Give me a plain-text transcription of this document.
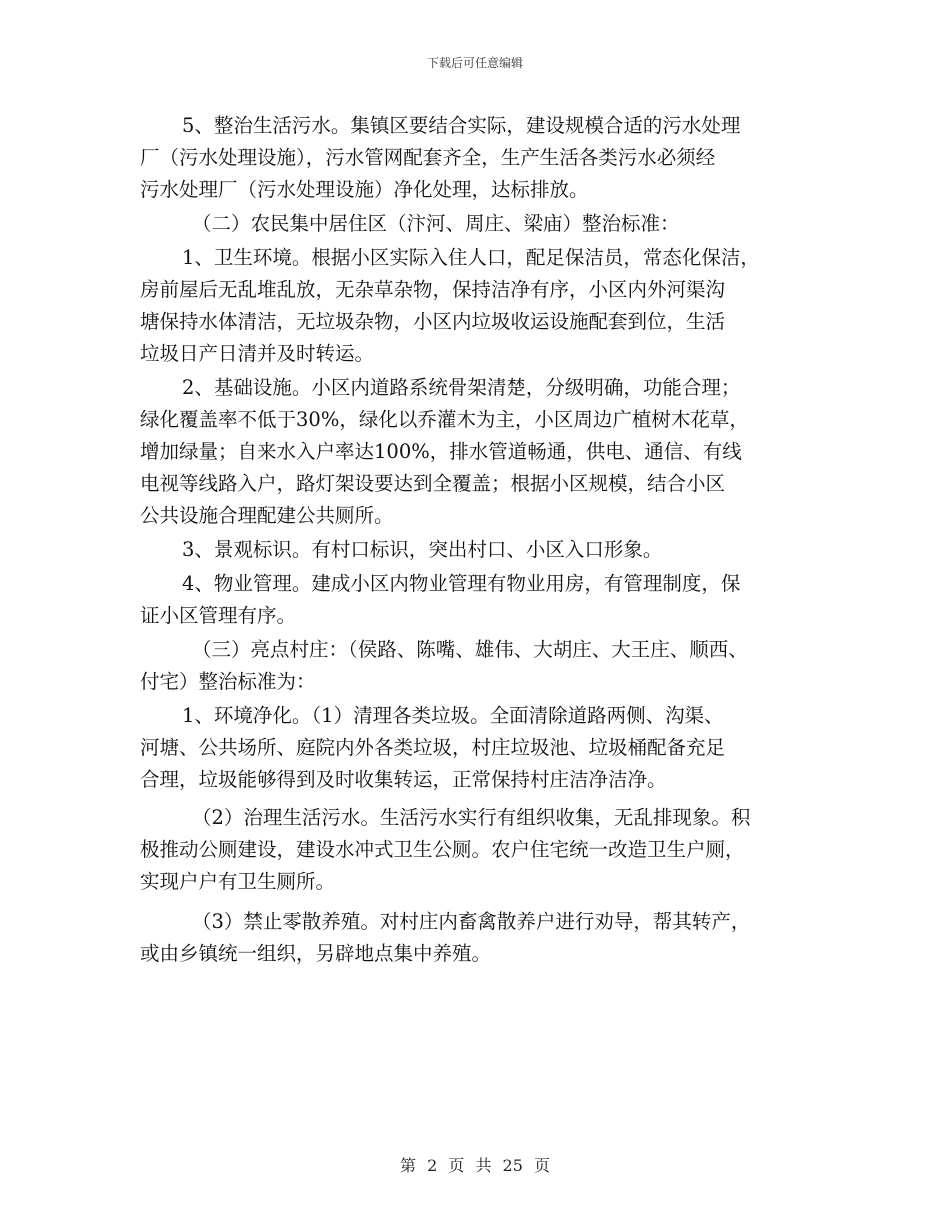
下载后可任意编辑
5、整治生活污水。集镇区要结合实际，建设规模合适的污水处理
厂（污水处理设施），污水管网配套齐全，生产生活各类污水必须经
污水处理厂（污水处理设施）净化处理，达标排放。
（二）农民集中居住区（汴河、周庄、梁庙）整治标准：
1、卫生环境。根据小区实际入住人口，配足保洁员，常态化保洁，
房前屋后无乱堆乱放，无杂草杂物，保持洁净有序，小区内外河渠沟
塘保持水体清洁，无垃圾杂物，小区内垃圾收运设施配套到位，生活
垃圾日产日清并及时转运。
2、基础设施。小区内道路系统骨架清楚，分级明确，功能合理；
绿化覆盖率不低于30%，绿化以乔灌木为主，小区周边广植树木花草，
增加绿量；自来水入户率达100%，排水管道畅通，供电、通信、有线
电视等线路入户，路灯架设要达到全覆盖；根据小区规模，结合小区
公共设施合理配建公共厕所。
3、景观标识。有村口标识，突出村口、小区入口形象。
4、物业管理。建成小区内物业管理有物业用房，有管理制度，保
证小区管理有序。
（三）亮点村庄：（侯路、陈嘴、雄伟、大胡庄、大王庄、顺西、
付宅）整治标准为：
1、环境净化。（1）清理各类垃圾。全面清除道路两侧、沟渠、
河塘、公共场所、庭院内外各类垃圾，村庄垃圾池、垃圾桶配备充足
合理，垃圾能够得到及时收集转运，正常保持村庄洁净洁净。
（2）治理生活污水。生活污水实行有组织收集，无乱排现象。积
极推动公厕建设，建设水冲式卫生公厕。农户住宅统一改造卫生户厕，
实现户户有卫生厕所。
（3）禁止零散养殖。对村庄内畜禽散养户进行劝导，帮其转产，
或由乡镇统一组织，另辟地点集中养殖。
第 2 页 共 25 页
